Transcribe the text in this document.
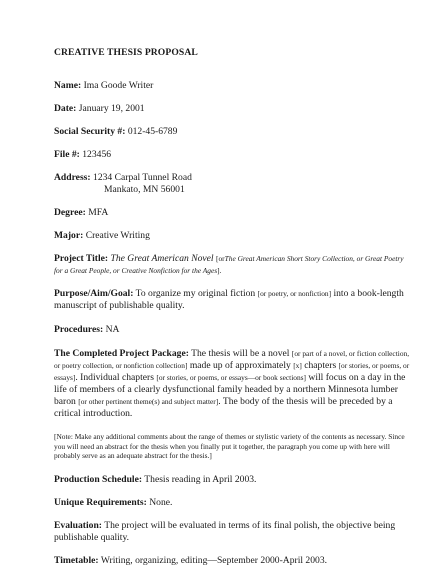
CREATIVE THESIS PROPOSAL
Name: Ima Goode Writer
Date: January 19, 2001
Social Security #: 012-45-6789
File #: 123456
Address: 1234 Carpal Tunnel Road
Mankato, MN 56001
Degree: MFA
Major: Creative Writing
Project Title: The Great American Novel [orThe Great American Short Story Collection, or Great Poetry for a Great People, or Creative Nonfiction for the Ages].
Purpose/Aim/Goal: To organize my original fiction [or poetry, or nonfiction] into a book-length manuscript of publishable quality.
Procedures: NA
The Completed Project Package: The thesis will be a novel [or part of a novel, or fiction collection, or poetry collection, or nonfiction collection] made up of approximately [x] chapters [or stories, or poems, or essays]. Individual chapters [or stories, or poems, or essays—or book sections] will focus on a day in the life of members of a clearly dysfunctional family headed by a northern Minnesota lumber baron [or other pertinent theme(s) and subject matter]. The body of the thesis will be preceded by a critical introduction.
[Note: Make any additional comments about the range of themes or stylistic variety of the contents as necessary. Since you will need an abstract for the thesis when you finally put it together, the paragraph you come up with here will probably serve as an adequate abstract for the thesis.]
Production Schedule: Thesis reading in April 2003.
Unique Requirements: None.
Evaluation: The project will be evaluated in terms of its final polish, the objective being publishable quality.
Timetable: Writing, organizing, editing—September 2000-April 2003.
